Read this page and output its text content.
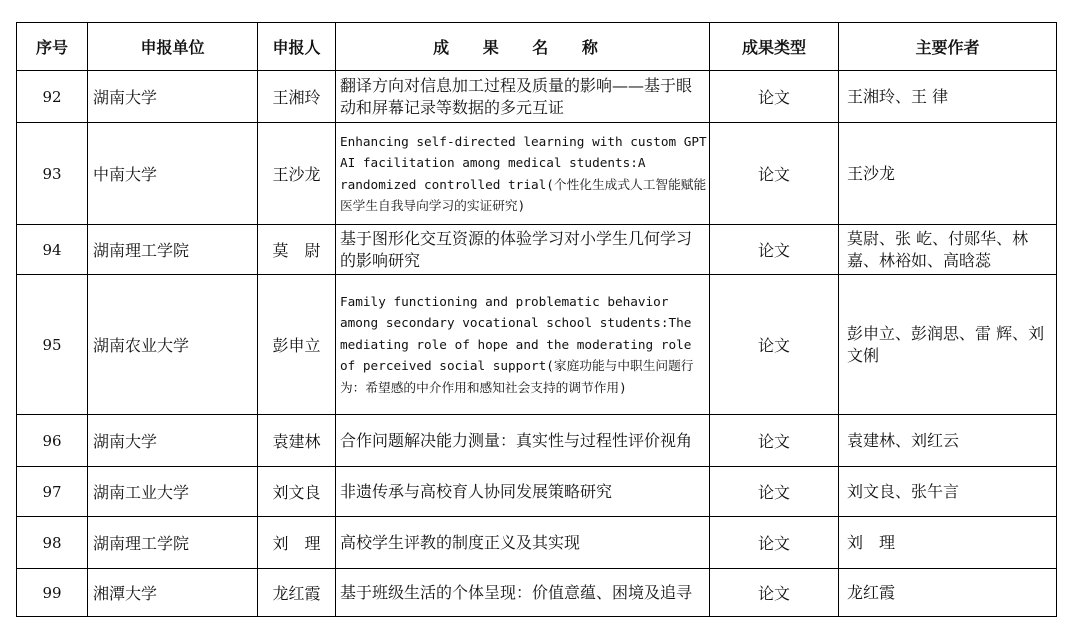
序号	申报单位	申报人	成 果 名 称	成果类型	主要作者
92	湖南大学	王湘玲	翻译方向对信息加工过程及质量的影响——基于眼动和屏幕记录等数据的多元互证	论文	王湘玲、王 律
93	中南大学	王沙龙	Enhancing self-directed learning with custom GPT AI facilitation among medical students:A randomized controlled trial(个性化生成式人工智能赋能医学生自我导向学习的实证研究)	论文	王沙龙
94	湖南理工学院	莫　尉	基于图形化交互资源的体验学习对小学生几何学习的影响研究	论文	莫尉、张 屹、付郧华、林 嘉、林裕如、高晗蕊
95	湖南农业大学	彭申立	Family functioning and problematic behavior among secondary vocational school students:The mediating role of hope and the moderating role of perceived social support(家庭功能与中职生问题行为：希望感的中介作用和感知社会支持的调节作用)	论文	彭申立、彭润思、雷 辉、刘文俐
96	湖南大学	袁建林	合作问题解决能力测量：真实性与过程性评价视角	论文	袁建林、刘红云
97	湖南工业大学	刘文良	非遗传承与高校育人协同发展策略研究	论文	刘文良、张午言
98	湖南理工学院	刘　理	高校学生评教的制度正义及其实现	论文	刘　理
99	湘潭大学	龙红霞	基于班级生活的个体呈现：价值意蕴、困境及追寻	论文	龙红霞
